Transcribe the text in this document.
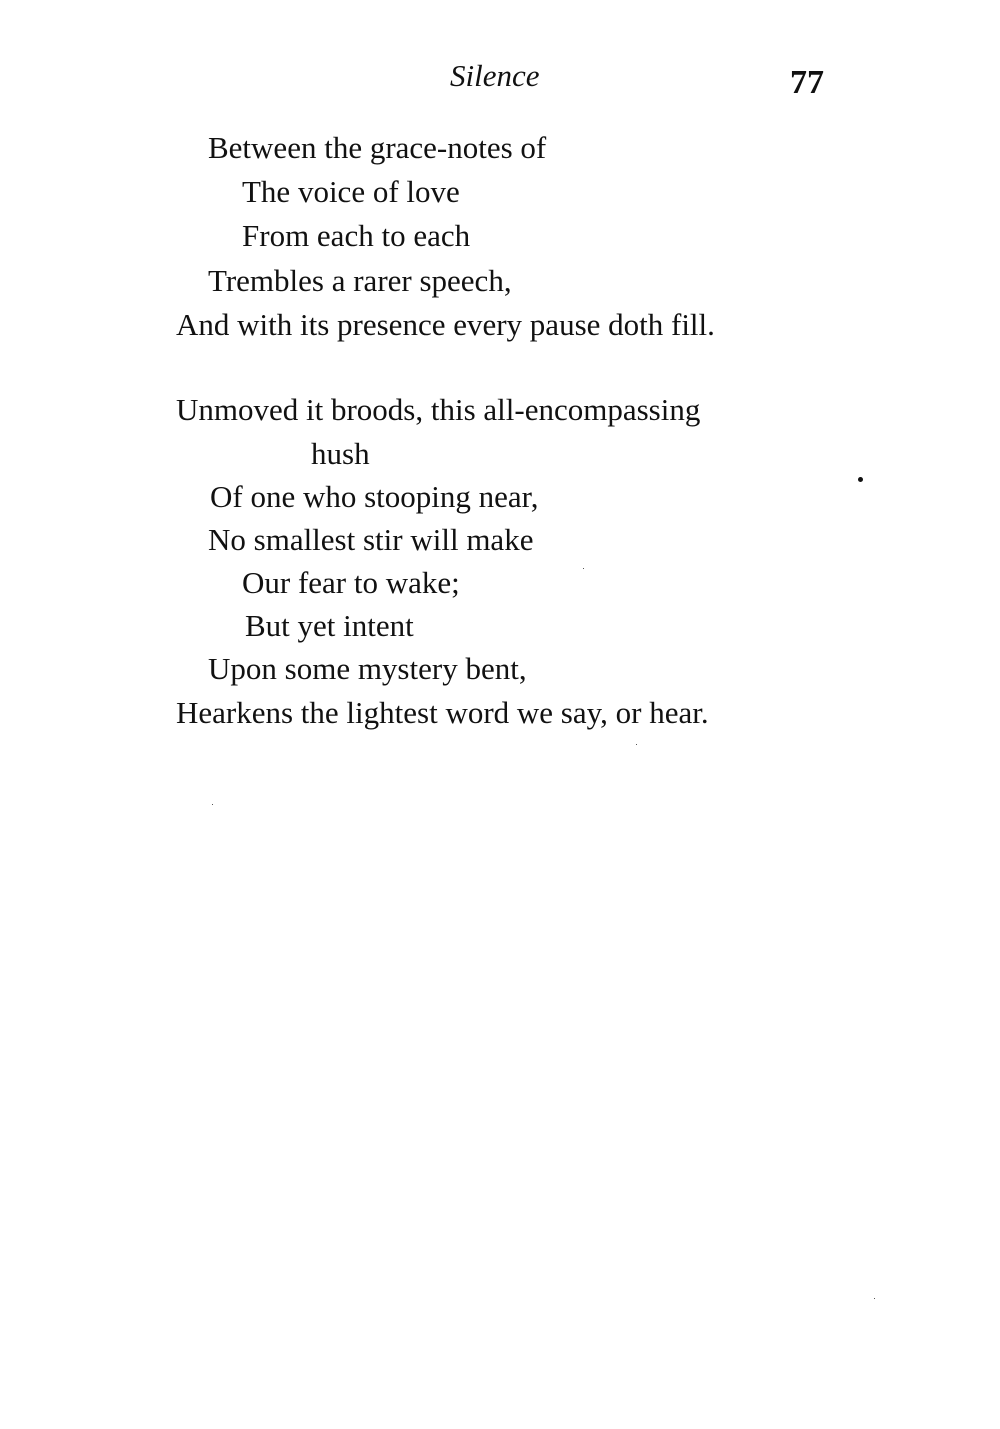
Silence	77
Between the grace-notes of
The voice of love
From each to each
Trembles a rarer speech,
And with its presence every pause doth fill.
Unmoved it broods, this all-encompassing
hush
Of one who stooping near,
No smallest stir will make
Our fear to wake;
But yet intent
Upon some mystery bent,
Hearkens the lightest word we say, or hear.
